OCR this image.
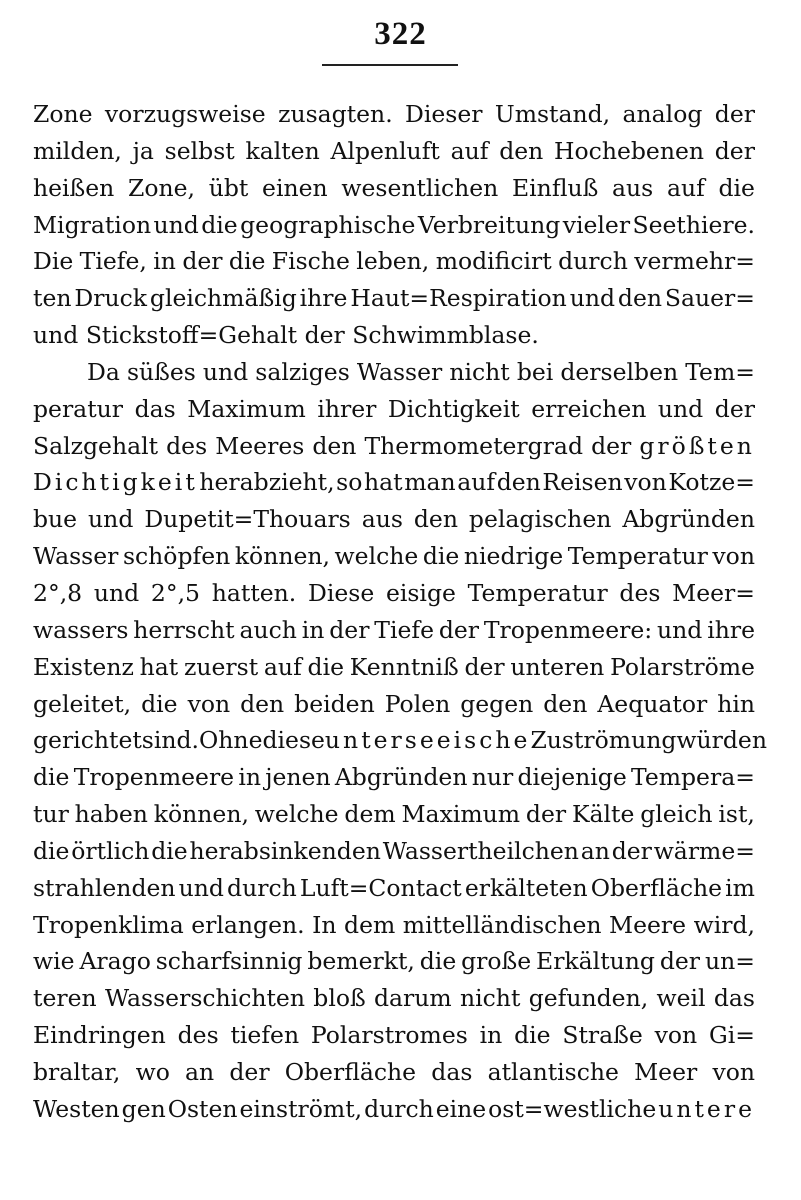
322
Zone vorzugsweise zusagten. Dieser Umstand, analog der
milden, ja selbst kalten Alpenluft auf den Hochebenen der
heißen Zone, übt einen wesentlichen Einfluß aus auf die
Migration und die geographische Verbreitung vieler Seethiere.
Die Tiefe, in der die Fische leben, modificirt durch vermehr=
ten Druck gleichmäßig ihre Haut=Respiration und den Sauer=
und
Stickstoff=Gehalt
der
Schwimmblase.
Da süßes und salziges Wasser nicht bei derselben Tem=
peratur das Maximum ihrer Dichtigkeit erreichen und der
Salzgehalt des Meeres den Thermometergrad der größten
Dichtigkeit herabzieht, so hat man auf den Reisen von Kotze=
bue und Dupetit=Thouars aus den pelagischen Abgründen
Wasser schöpfen können, welche die niedrige Temperatur von
2°,8 und 2°,5 hatten. Diese eisige Temperatur des Meer=
wassers herrscht auch in der Tiefe der Tropenmeere: und ihre
Existenz hat zuerst auf die Kenntniß der unteren Polarströme
geleitet, die von den beiden Polen gegen den Aequator hin
gerichtet sind. Ohne diese unterseeische Zuströmung würden
die Tropenmeere in jenen Abgründen nur diejenige Tempera=
tur haben können, welche dem Maximum der Kälte gleich ist,
die örtlich die herabsinkenden Wassertheilchen an der wärme=
strahlenden und durch Luft=Contact erkälteten Oberfläche im
Tropenklima erlangen. In dem mittelländischen Meere wird,
wie Arago scharfsinnig bemerkt, die große Erkältung der un=
teren Wasserschichten bloß darum nicht gefunden, weil das
Eindringen des tiefen Polarstromes in die Straße von Gi=
braltar, wo an der Oberfläche das atlantische Meer von
Westen gen Osten einströmt, durch eine ost=westliche untere
